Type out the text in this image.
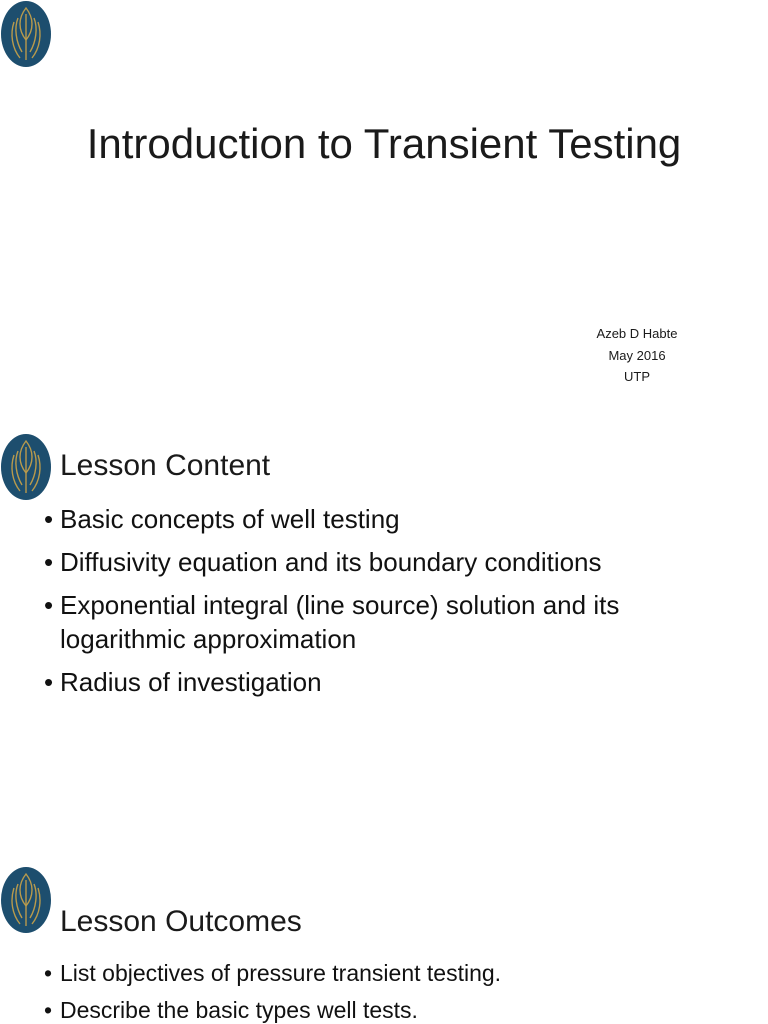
Introduction to Transient Testing
Azeb D Habte
May 2016
UTP
Lesson Content
• Basic concepts of well testing
• Diffusivity equation and its boundary conditions
• Exponential integral (line source) solution and its logarithmic approximation
• Radius of investigation
Lesson Outcomes
• List objectives of pressure transient testing.
• Describe the basic types well tests.
